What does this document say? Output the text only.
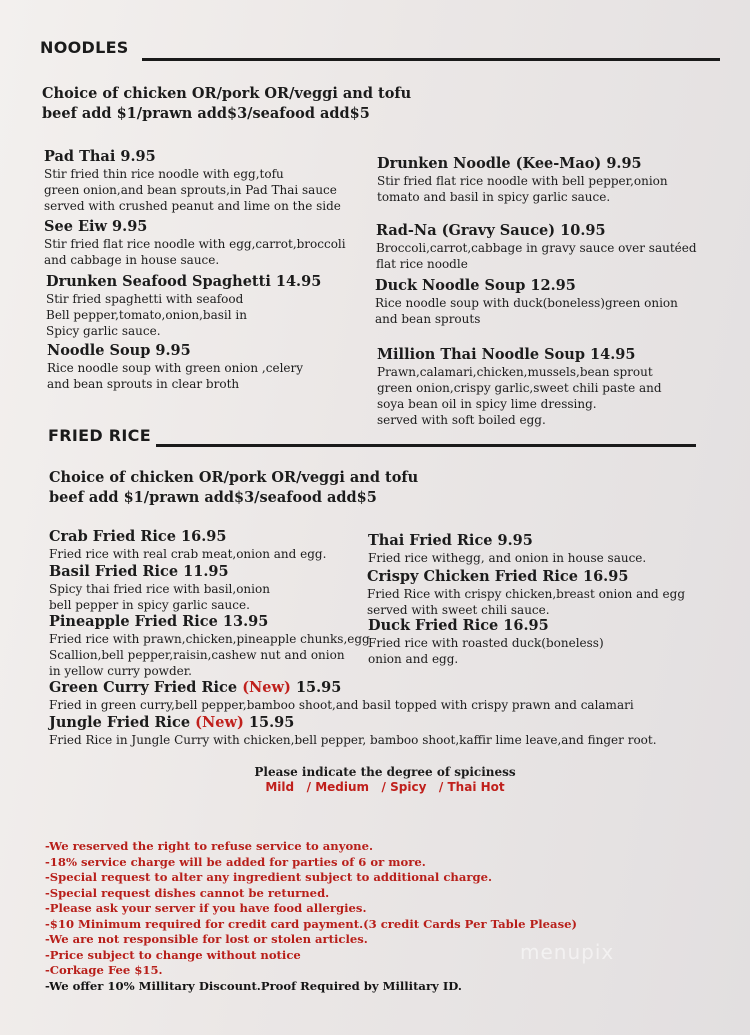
NOODLES
Choice of chicken OR/pork OR/veggi and tofu
beef add $1/prawn add$3/seafood add$5
Pad Thai 9.95
Stir fried thin rice noodle with egg,tofu
green onion,and bean sprouts,in Pad Thai sauce
served with crushed peanut and lime on the side
See Eiw 9.95
Stir fried flat rice noodle with egg,carrot,broccoli
and cabbage in house sauce.
Drunken Seafood Spaghetti 14.95
Stir fried spaghetti with seafood
Bell pepper,tomato,onion,basil in
Spicy garlic sauce.
Noodle Soup 9.95
Rice noodle soup with green onion ,celery
and bean sprouts in clear broth
Drunken Noodle (Kee-Mao) 9.95
Stir fried flat rice noodle with bell pepper,onion
tomato and basil in spicy garlic sauce.
Rad-Na (Gravy Sauce) 10.95
Broccoli,carrot,cabbage in gravy sauce over sautéed
flat rice noodle
Duck Noodle Soup 12.95
Rice noodle soup with duck(boneless)green onion
and bean sprouts
Million Thai Noodle Soup 14.95
Prawn,calamari,chicken,mussels,bean sprout
green onion,crispy garlic,sweet chili paste and
soya bean oil in spicy lime dressing.
served with soft boiled egg.
FRIED RICE
Choice of chicken OR/pork OR/veggi and tofu
beef add $1/prawn add$3/seafood add$5
Crab Fried Rice 16.95
Fried rice with real crab meat,onion and egg.
Basil Fried Rice 11.95
Spicy thai fried rice with basil,onion
bell pepper in spicy garlic sauce.
Pineapple Fried Rice 13.95
Fried rice with prawn,chicken,pineapple chunks,egg
Scallion,bell pepper,raisin,cashew nut and onion
in yellow curry powder.
Thai Fried Rice 9.95
Fried rice withegg, and onion in house sauce.
Crispy Chicken Fried Rice 16.95
Fried Rice with crispy chicken,breast onion and egg
served with sweet chili sauce.
Duck Fried Rice 16.95
Fried rice with roasted duck(boneless)
onion and egg.
Green Curry Fried Rice (New) 15.95
Fried in green curry,bell pepper,bamboo shoot,and basil topped with crispy prawn and calamari
Jungle Fried Rice (New) 15.95
Fried Rice in Jungle Curry with chicken,bell pepper, bamboo shoot,kaffir lime leave,and finger root.
Please indicate the degree of spiciness
Mild   / Medium   / Spicy   / Thai Hot
-We reserved the right to refuse service to anyone.
-18% service charge will be added for parties of 6 or more.
-Special request to alter any ingredient subject to additional charge.
-Special request dishes cannot be returned.
-Please ask your server if you have food allergies.
-$10 Minimum required for credit card payment.(3 credit Cards Per Table Please)
-We are not responsible for lost or stolen articles.
-Price subject to change without notice
-Corkage Fee $15.
-We offer 10% Millitary Discount.Proof Required by Millitary ID.
menupix
